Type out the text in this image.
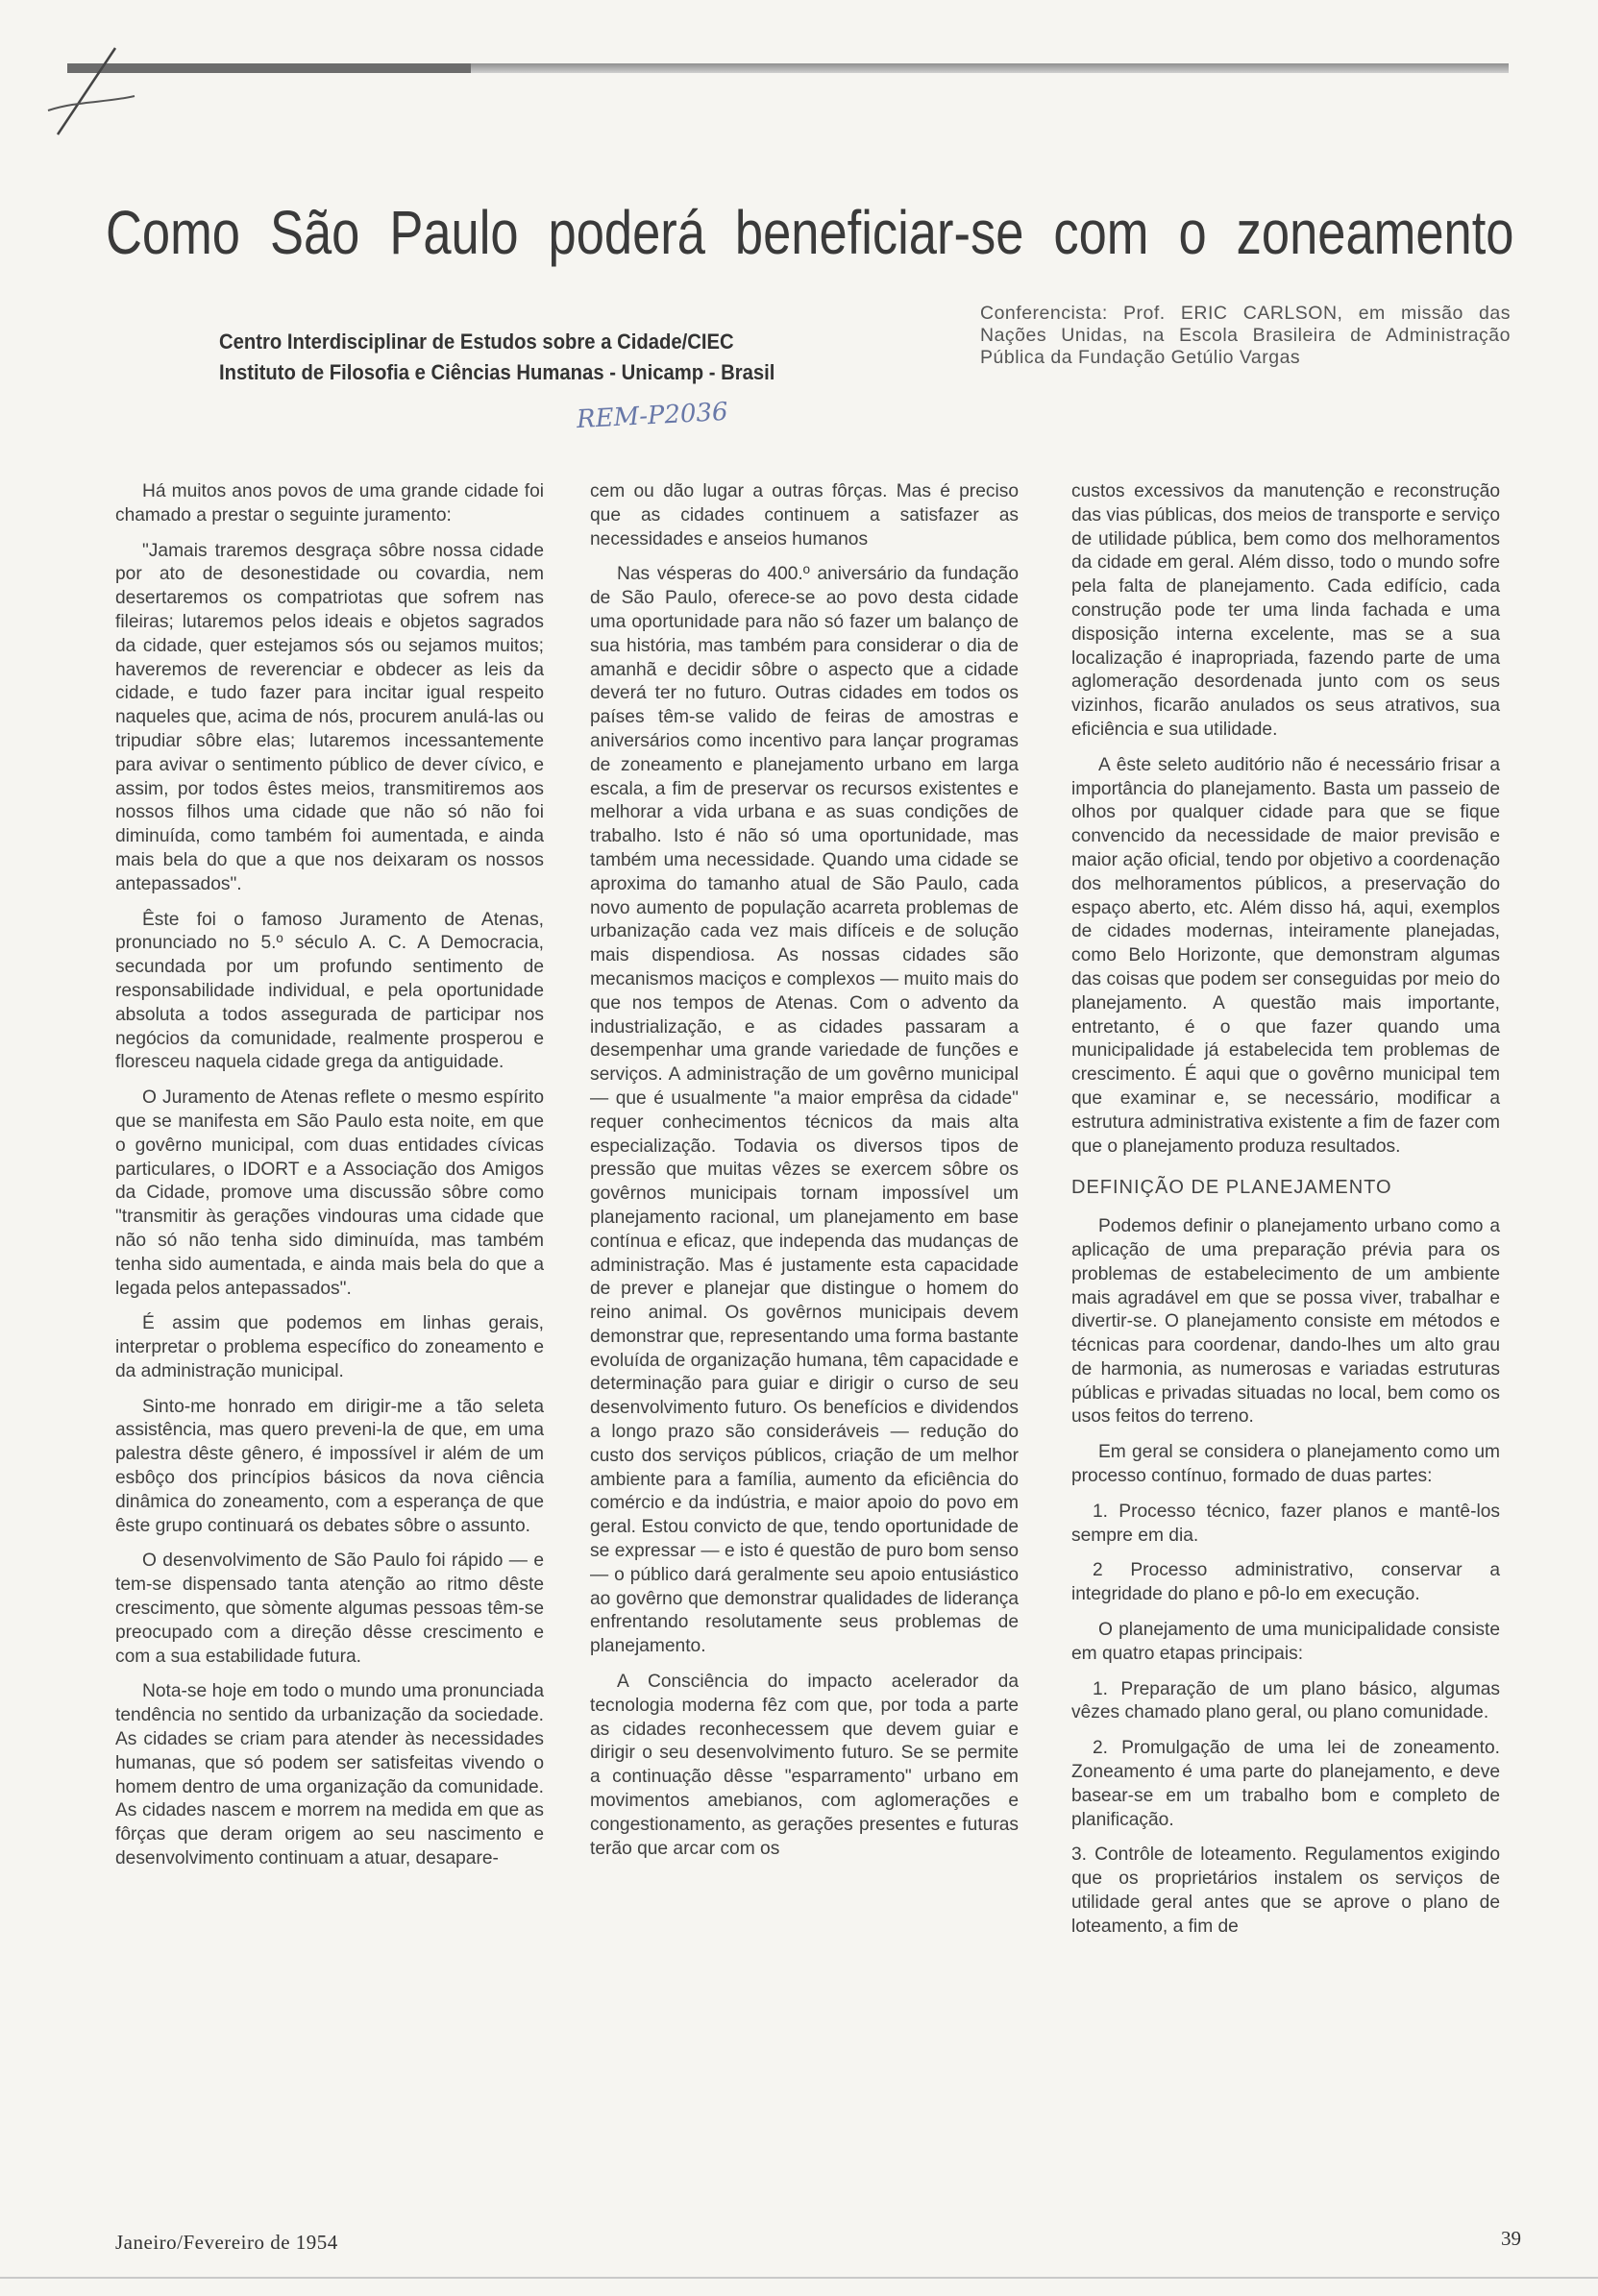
Como São Paulo poderá beneficiar-se com o zoneamento
Centro Interdisciplinar de Estudos sobre a Cidade/CIEC
Instituto de Filosofia e Ciências Humanas - Unicamp - Brasil
Conferencista: Prof. ERIC CARLSON, em missão das Nações Unidas, na Escola Brasileira de Administração Pública da Fundação Getúlio Vargas
REM-P2036

Há muitos anos povos de uma grande cidade foi chamado a prestar o seguinte juramento:

"Jamais traremos desgraça sôbre nossa cidade por ato de desonestidade ou covardia, nem desertaremos os compatriotas que sofrem nas fileiras; lutaremos pelos ideais e objetos sagrados da cidade, quer estejamos sós ou sejamos muitos; haveremos de reverenciar e obdecer as leis da cidade, e tudo fazer para incitar igual respeito naqueles que, acima de nós, procurem anulá-las ou tripudiar sôbre elas; lutaremos incessantemente para avivar o sentimento público de dever cívico, e assim, por todos êstes meios, transmitiremos aos nossos filhos uma cidade que não só não foi diminuída, como também foi aumentada, e ainda mais bela do que a que nos deixaram os nossos antepassados".

Êste foi o famoso Juramento de Atenas, pronunciado no 5.º século A. C. A Democracia, secundada por um profundo sentimento de responsabilidade individual, e pela oportunidade absoluta a todos assegurada de participar nos negócios da comunidade, realmente prosperou e floresceu naquela cidade grega da antiguidade.

O Juramento de Atenas reflete o mesmo espírito que se manifesta em São Paulo esta noite, em que o govêrno municipal, com duas entidades cívicas particulares, o IDORT e a Associação dos Amigos da Cidade, promove uma discussão sôbre como "transmitir às gerações vindouras uma cidade que não só não tenha sido diminuída, mas também tenha sido aumentada, e ainda mais bela do que a legada pelos antepassados".

É assim que podemos em linhas gerais, interpretar o problema específico do zoneamento e da administração municipal.

Sinto-me honrado em dirigir-me a tão seleta assistência, mas quero preveni-la de que, em uma palestra dêste gênero, é impossível ir além de um esbôço dos princípios básicos da nova ciência dinâmica do zoneamento, com a esperança de que êste grupo continuará os debates sôbre o assunto.

O desenvolvimento de São Paulo foi rápido — e tem-se dispensado tanta atenção ao ritmo dêste crescimento, que sòmente algumas pessoas têm-se preocupado com a direção dêsse crescimento e com a sua estabilidade futura.

Nota-se hoje em todo o mundo uma pronunciada tendência no sentido da urbanização da sociedade. As cidades se criam para atender às necessidades humanas, que só podem ser satisfeitas vivendo o homem dentro de uma organização da comunidade. As cidades nascem e morrem na medida em que as fôrças que deram origem ao seu nascimento e desenvolvimento continuam a atuar, desapare-

cem ou dão lugar a outras fôrças. Mas é preciso que as cidades continuem a satisfazer as necessidades e anseios humanos

Nas vésperas do 400.º aniversário da fundação de São Paulo, oferece-se ao povo desta cidade uma oportunidade para não só fazer um balanço de sua história, mas também para considerar o dia de amanhã e decidir sôbre o aspecto que a cidade deverá ter no futuro. Outras cidades em todos os países têm-se valido de feiras de amostras e aniversários como incentivo para lançar programas de zoneamento e planejamento urbano em larga escala, a fim de preservar os recursos existentes e melhorar a vida urbana e as suas condições de trabalho. Isto é não só uma oportunidade, mas também uma necessidade. Quando uma cidade se aproxima do tamanho atual de São Paulo, cada novo aumento de população acarreta problemas de urbanização cada vez mais difíceis e de solução mais dispendiosa. As nossas cidades são mecanismos maciços e complexos — muito mais do que nos tempos de Atenas. Com o advento da industrialização, e as cidades passaram a desempenhar uma grande variedade de funções e serviços. A administração de um govêrno municipal — que é usualmente "a maior emprêsa da cidade" requer conhecimentos técnicos da mais alta especialização. Todavia os diversos tipos de pressão que muitas vêzes se exercem sôbre os govêrnos municipais tornam impossível um planejamento racional, um planejamento em base contínua e eficaz, que independa das mudanças de administração. Mas é justamente esta capacidade de prever e planejar que distingue o homem do reino animal. Os govêrnos municipais devem demonstrar que, representando uma forma bastante evoluída de organização humana, têm capacidade e determinação para guiar e dirigir o curso de seu desenvolvimento futuro. Os benefícios e dividendos a longo prazo são consideráveis — redução do custo dos serviços públicos, criação de um melhor ambiente para a família, aumento da eficiência do comércio e da indústria, e maior apoio do povo em geral. Estou convicto de que, tendo oportunidade de se expressar — e isto é questão de puro bom senso — o público dará geralmente seu apoio entusiástico ao govêrno que demonstrar qualidades de liderança enfrentando resolutamente seus problemas de planejamento.

A Consciência do impacto acelerador da tecnologia moderna fêz com que, por toda a parte as cidades reconhecessem que devem guiar e dirigir o seu desenvolvimento futuro. Se se permite a continuação dêsse "esparramento" urbano em movimentos amebianos, com aglomerações e congestionamento, as gerações presentes e futuras terão que arcar com os

custos excessivos da manutenção e reconstrução das vias públicas, dos meios de transporte e serviço de utilidade pública, bem como dos melhoramentos da cidade em geral. Além disso, todo o mundo sofre pela falta de planejamento. Cada edifício, cada construção pode ter uma linda fachada e uma disposição interna excelente, mas se a sua localização é inapropriada, fazendo parte de uma aglomeração desordenada junto com os seus vizinhos, ficarão anulados os seus atrativos, sua eficiência e sua utilidade.

A êste seleto auditório não é necessário frisar a importância do planejamento. Basta um passeio de olhos por qualquer cidade para que se fique convencido da necessidade de maior previsão e maior ação oficial, tendo por objetivo a coordenação dos melhoramentos públicos, a preservação do espaço aberto, etc. Além disso há, aqui, exemplos de cidades modernas, inteiramente planejadas, como Belo Horizonte, que demonstram algumas das coisas que podem ser conseguidas por meio do planejamento. A questão mais importante, entretanto, é o que fazer quando uma municipalidade já estabelecida tem problemas de crescimento. É aqui que o govêrno municipal tem que examinar e, se necessário, modificar a estrutura administrativa existente a fim de fazer com que o planejamento produza resultados.

DEFINIÇÃO DE PLANEJAMENTO

Podemos definir o planejamento urbano como a aplicação de uma preparação prévia para os problemas de estabelecimento de um ambiente mais agradável em que se possa viver, trabalhar e divertir-se. O planejamento consiste em métodos e técnicas para coordenar, dando-lhes um alto grau de harmonia, as numerosas e variadas estruturas públicas e privadas situadas no local, bem como os usos feitos do terreno.

Em geral se considera o planejamento como um processo contínuo, formado de duas partes:

1. Processo técnico, fazer planos e mantê-los sempre em dia.

2 Processo administrativo, conservar a integridade do plano e pô-lo em execução.

O planejamento de uma municipalidade consiste em quatro etapas principais:

1. Preparação de um plano básico, algumas vêzes chamado plano geral, ou plano comunidade.

2. Promulgação de uma lei de zoneamento. Zoneamento é uma parte do planejamento, e deve basear-se em um trabalho bom e completo de planificação.

3. Contrôle de loteamento. Regulamentos exigindo que os proprietários instalem os serviços de utilidade geral antes que se aprove o plano de loteamento, a fim de

Janeiro/Fevereiro de 1954	39
